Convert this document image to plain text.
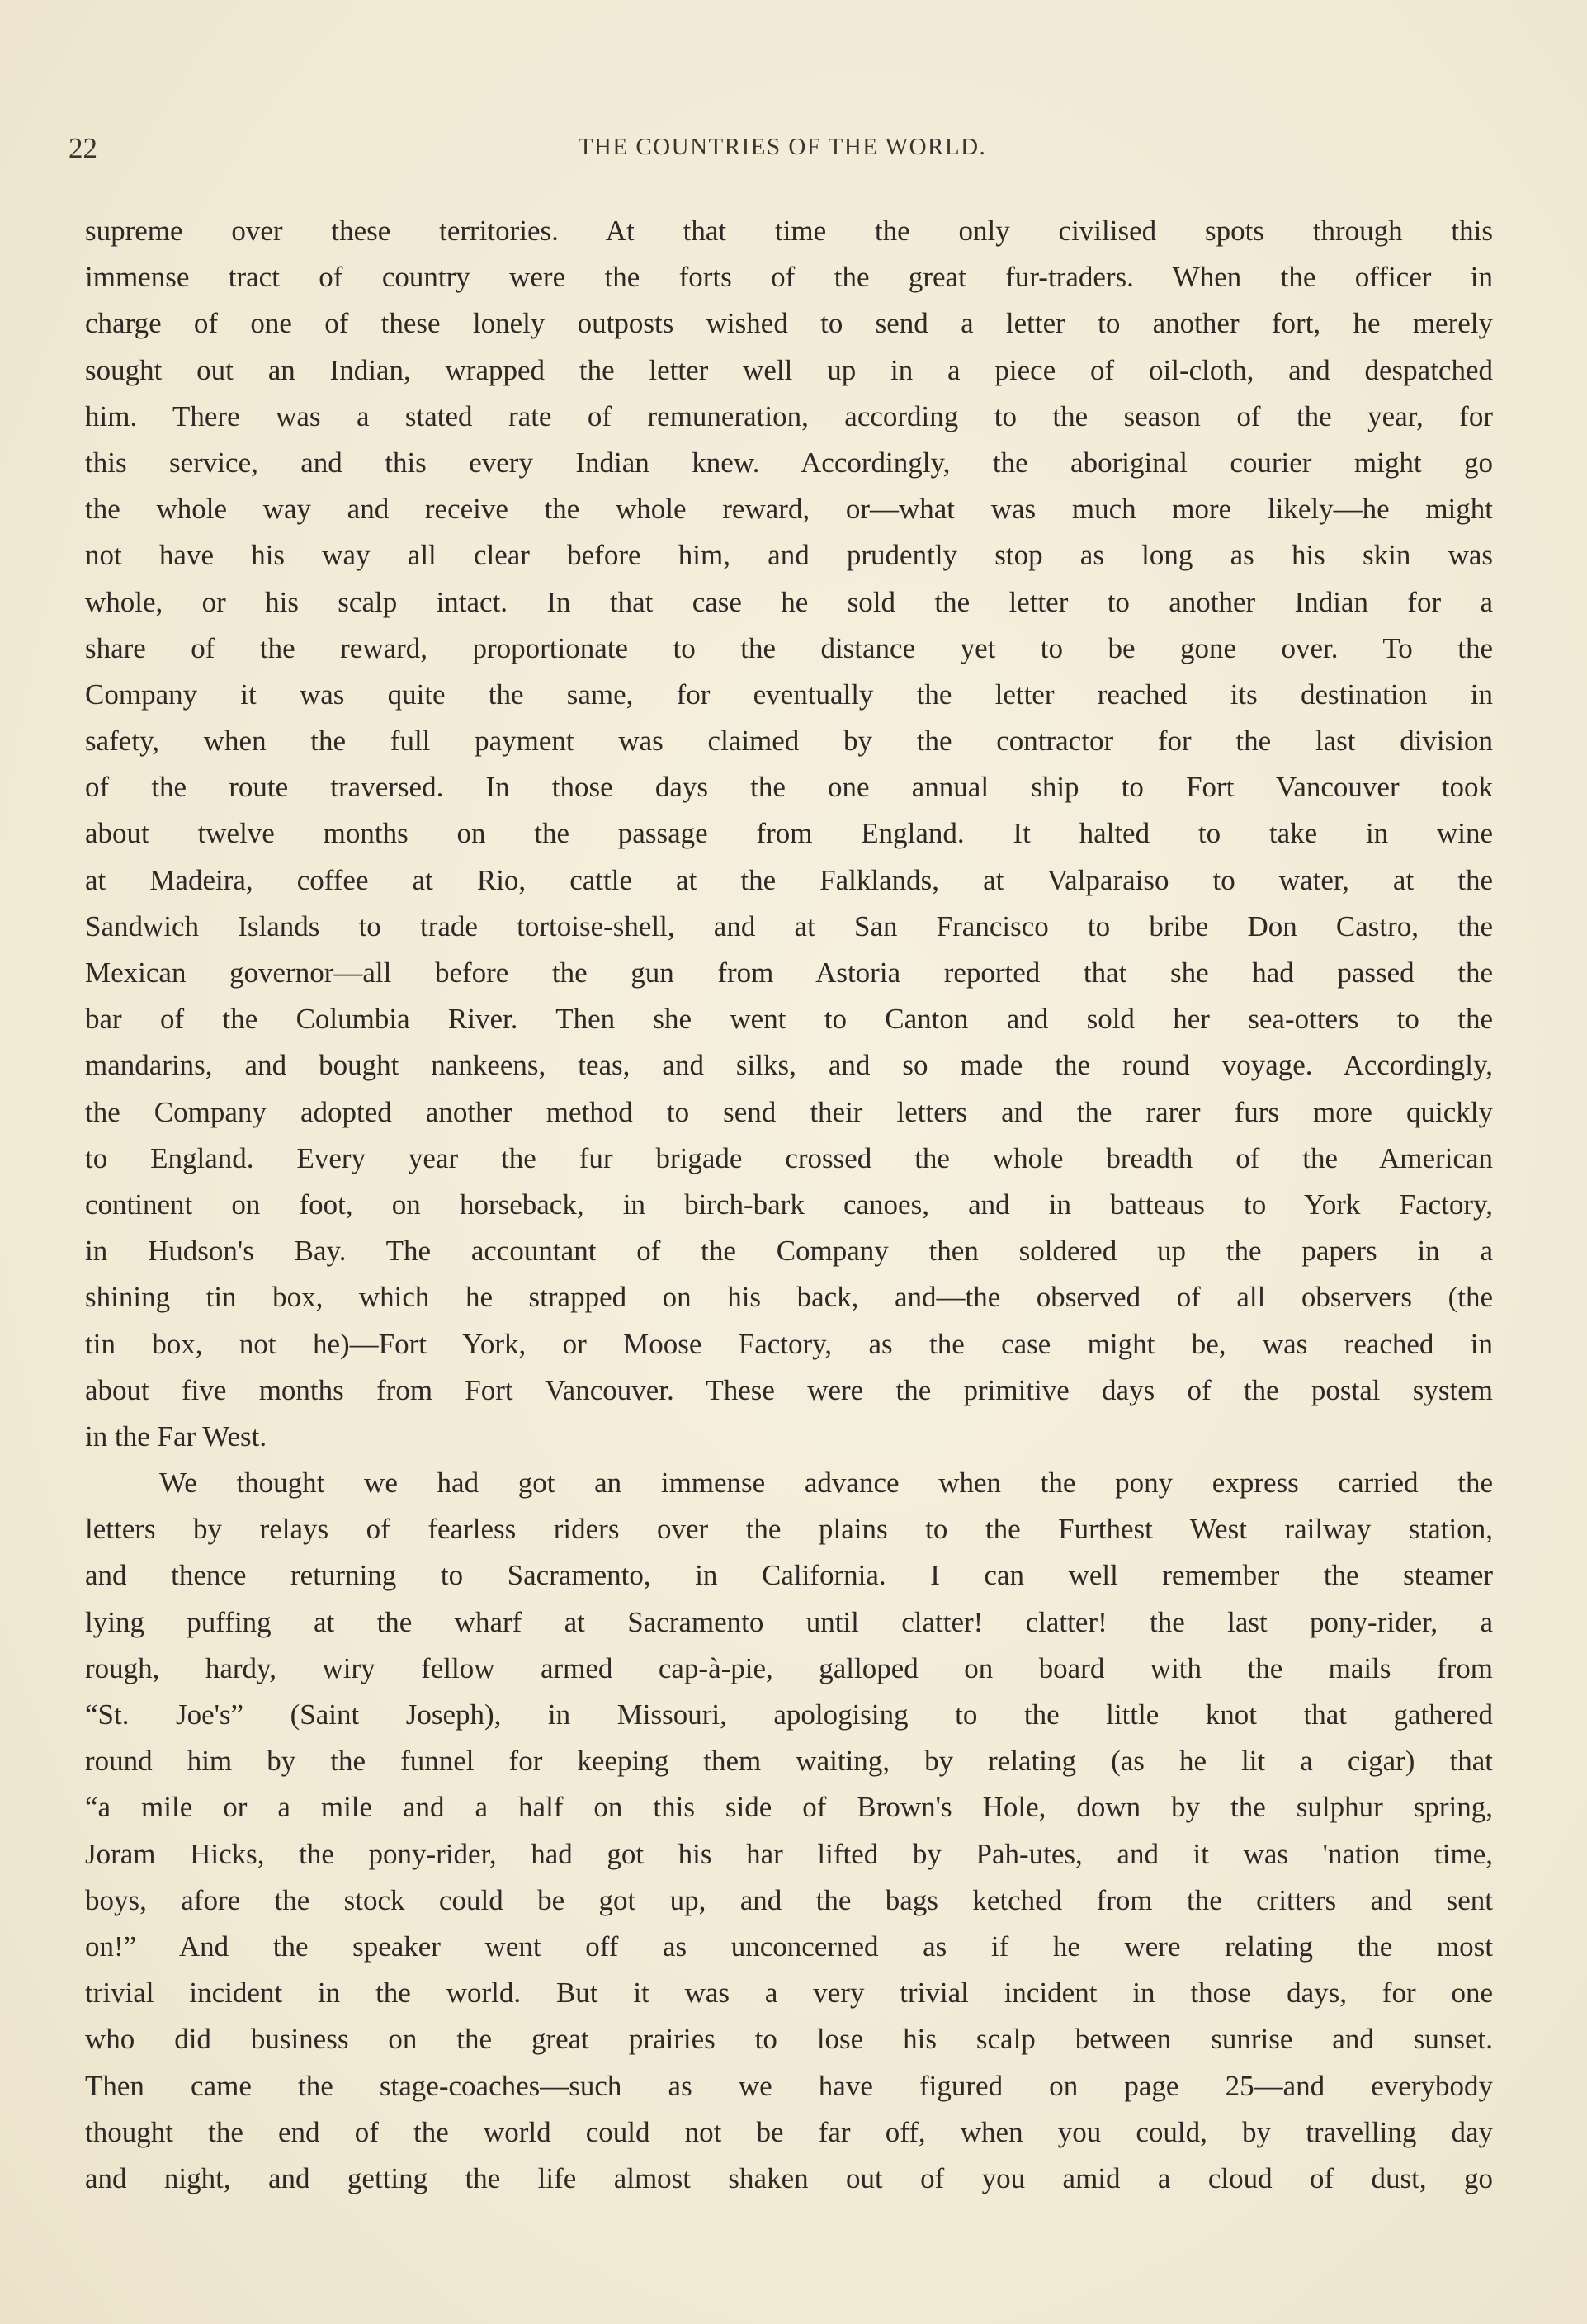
22	THE COUNTRIES OF THE WORLD.
supreme over these territories. At that time the only civilised spots through this
immense tract of country were the forts of the great fur-traders. When the officer in
charge of one of these lonely outposts wished to send a letter to another fort, he merely
sought out an Indian, wrapped the letter well up in a piece of oil-cloth, and despatched
him. There was a stated rate of remuneration, according to the season of the year, for
this service, and this every Indian knew. Accordingly, the aboriginal courier might go
the whole way and receive the whole reward, or—what was much more likely—he might
not have his way all clear before him, and prudently stop as long as his skin was
whole, or his scalp intact. In that case he sold the letter to another Indian for a
share of the reward, proportionate to the distance yet to be gone over. To the
Company it was quite the same, for eventually the letter reached its destination in
safety, when the full payment was claimed by the contractor for the last division
of the route traversed. In those days the one annual ship to Fort Vancouver took
about twelve months on the passage from England. It halted to take in wine
at Madeira, coffee at Rio, cattle at the Falklands, at Valparaiso to water, at the
Sandwich Islands to trade tortoise-shell, and at San Francisco to bribe Don Castro, the
Mexican governor—all before the gun from Astoria reported that she had passed the
bar of the Columbia River. Then she went to Canton and sold her sea-otters to the
mandarins, and bought nankeens, teas, and silks, and so made the round voyage. Accordingly,
the Company adopted another method to send their letters and the rarer furs more quickly
to England. Every year the fur brigade crossed the whole breadth of the American
continent on foot, on horseback, in birch-bark canoes, and in batteaus to York Factory,
in Hudson's Bay. The accountant of the Company then soldered up the papers in a
shining tin box, which he strapped on his back, and—the observed of all observers (the
tin box, not he)—Fort York, or Moose Factory, as the case might be, was reached in
about five months from Fort Vancouver. These were the primitive days of the postal system
in the Far West.
We thought we had got an immense advance when the pony express carried the
letters by relays of fearless riders over the plains to the Furthest West railway station,
and thence returning to Sacramento, in California. I can well remember the steamer
lying puffing at the wharf at Sacramento until clatter! clatter! the last pony-rider, a
rough, hardy, wiry fellow armed cap-à-pie, galloped on board with the mails from
“St. Joe's” (Saint Joseph), in Missouri, apologising to the little knot that gathered
round him by the funnel for keeping them waiting, by relating (as he lit a cigar) that
“a mile or a mile and a half on this side of Brown's Hole, down by the sulphur spring,
Joram Hicks, the pony-rider, had got his har lifted by Pah-utes, and it was 'nation time,
boys, afore the stock could be got up, and the bags ketched from the critters and sent
on!” And the speaker went off as unconcerned as if he were relating the most
trivial incident in the world. But it was a very trivial incident in those days, for one
who did business on the great prairies to lose his scalp between sunrise and sunset.
Then came the stage-coaches—such as we have figured on page 25—and everybody
thought the end of the world could not be far off, when you could, by travelling day
and night, and getting the life almost shaken out of you amid a cloud of dust, go
